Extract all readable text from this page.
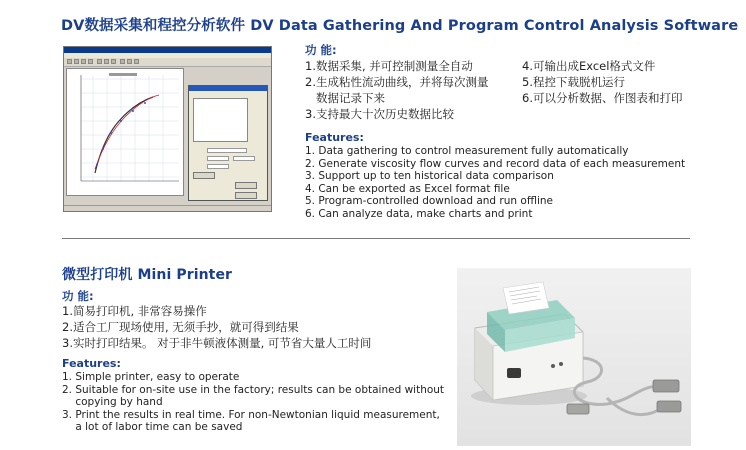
DV数据采集和程控分析软件 DV Data Gathering And Program Control Analysis Software
功 能:
1.数据采集, 并可控制测量全自动
2.生成粘性流动曲线，并将每次测量
数据记录下来
3.支持最大十次历史数据比较
4.可输出成Excel格式文件
5.程控下载脱机运行
6.可以分析数据、作图表和打印
Features:
1. Data gathering to control measurement fully automatically
2. Generate viscosity flow curves and record data of each measurement
3. Support up to ten historical data comparison
4. Can be exported as Excel format file
5. Program-controlled download and run offline
6. Can analyze data, make charts and print
微型打印机 Mini Printer
功 能:
1.简易打印机, 非常容易操作
2.适合工厂现场使用, 无须手抄，就可得到结果
3.实时打印结果。 对于非牛顿液体测量, 可节省大量人工时间
Features:
1. Simple printer, easy to operate
2. Suitable for on-site use in the factory; results can be obtained without
copying by hand
3. Print the results in real time. For non-Newtonian liquid measurement,
a lot of labor time can be saved
